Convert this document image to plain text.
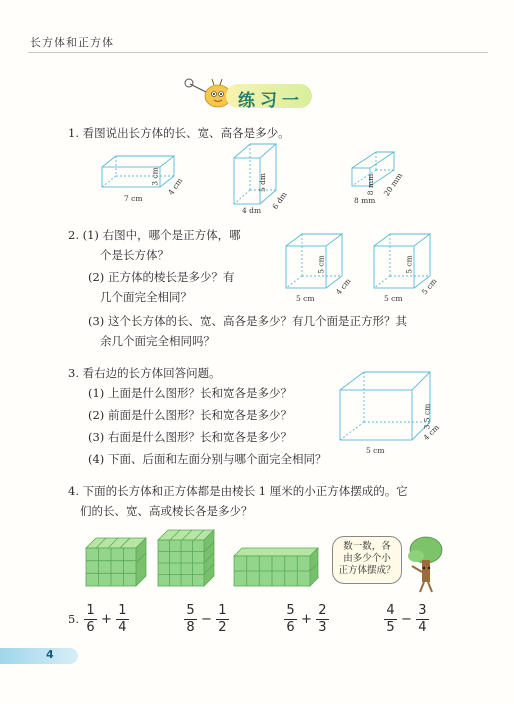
长方体和正方体
练习一
1. 看图说出长方体的长、宽、高各是多少。
7 cm
3 cm 4 cm
4 dm
5 dm
6 dm	8 mm
8 mm 20 mm
2. (1) 右图中，哪个是正方体，哪
个是长方体？
(2) 正方体的棱长是多少？有
几个面完全相同？
(3) 这个长方体的长、宽、高各是多少？有几个面是正方形？其
余几个面完全相同吗？
5 cm
5 cm
4 cm
5 cm
5 cm
5 cm
3. 看右边的长方体回答问题。
(1) 上面是什么图形？长和宽各是多少？
(2) 前面是什么图形？长和宽各是多少？
(3) 右面是什么图形？长和宽各是多少？
(4) 下面、后面和左面分别与哪个面完全相同？
5 cm
3.5 cm
4 cm
4. 下面的长方体和正方体都是由棱长 1 厘米的小正方体摆成的。它
们的长、宽、高或棱长各是多少？
数一数，各
由多少个小
正方体摆成？
5. $\frac{1}{6} + \frac{1}{4}$	$\frac{5}{8} - \frac{1}{2}$	$\frac{5}{6} + \frac{2}{3}$	$\frac{4}{5} - \frac{3}{4}$
4
